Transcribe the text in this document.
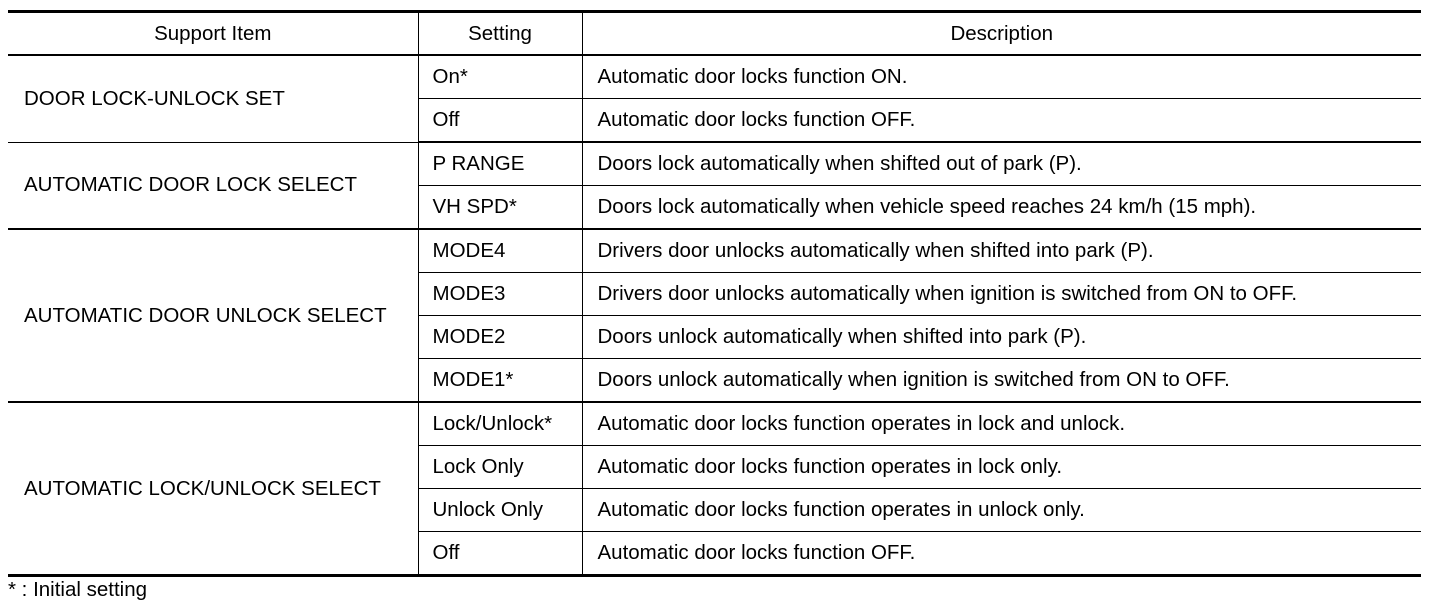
Support Item	Setting	Description
DOOR LOCK-UNLOCK SET	On*	Automatic door locks function ON.
	Off	Automatic door locks function OFF.
AUTOMATIC DOOR LOCK SELECT	P RANGE	Doors lock automatically when shifted out of park (P).
	VH SPD*	Doors lock automatically when vehicle speed reaches 24 km/h (15 mph).
AUTOMATIC DOOR UNLOCK SELECT	MODE4	Drivers door unlocks automatically when shifted into park (P).
	MODE3	Drivers door unlocks automatically when ignition is switched from ON to OFF.
	MODE2	Doors unlock automatically when shifted into park (P).
	MODE1*	Doors unlock automatically when ignition is switched from ON to OFF.
AUTOMATIC LOCK/UNLOCK SELECT	Lock/Unlock*	Automatic door locks function operates in lock and unlock.
	Lock Only	Automatic door locks function operates in lock only.
	Unlock Only	Automatic door locks function operates in unlock only.
	Off	Automatic door locks function OFF.
* : Initial setting
